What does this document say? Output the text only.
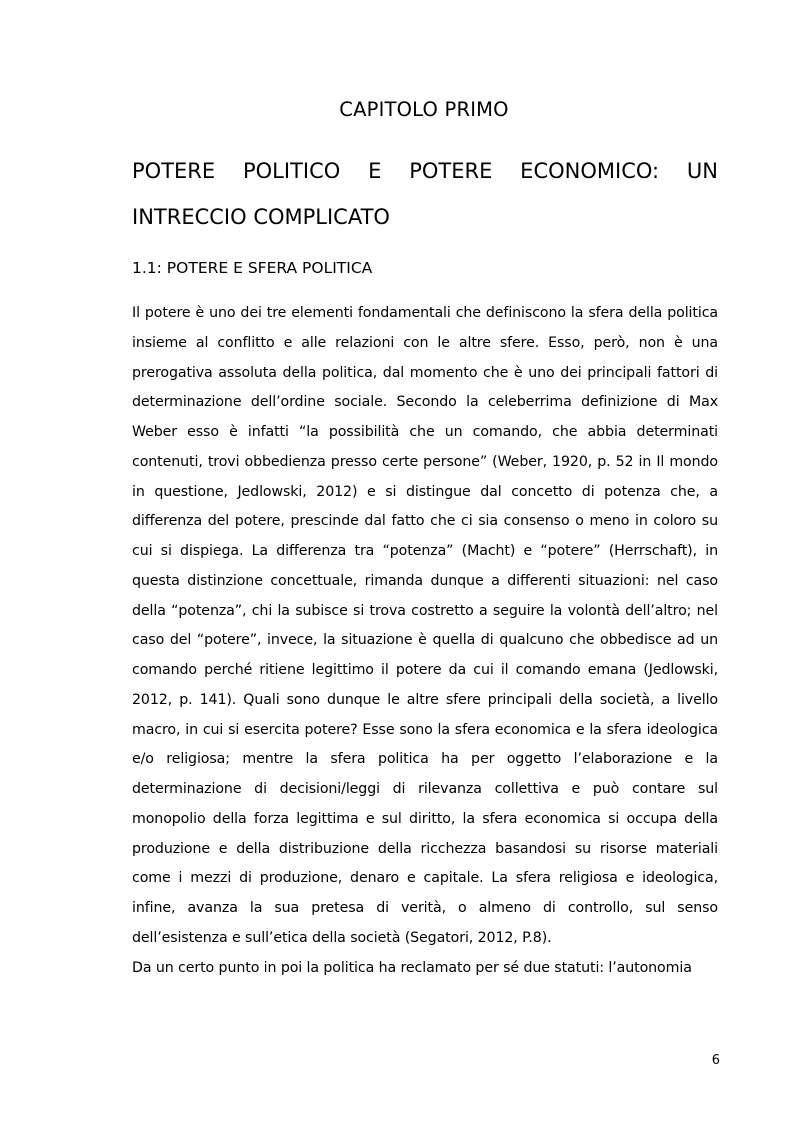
CAPITOLO PRIMO
POTERE POLITICO E POTERE ECONOMICO: UN INTRECCIO COMPLICATO
1.1: POTERE E SFERA POLITICA

Il potere è uno dei tre elementi fondamentali che definiscono la sfera della politica insieme al conflitto e alle relazioni con le altre sfere. Esso, però, non è una prerogativa assoluta della politica, dal momento che è uno dei principali fattori di determinazione dell’ordine sociale. Secondo la celeberrima definizione di Max Weber esso è infatti “la possibilità che un comando, che abbia determinati contenuti, trovi obbedienza presso certe persone” (Weber, 1920, p. 52 in Il mondo in questione, Jedlowski, 2012) e si distingue dal concetto di potenza che, a differenza del potere, prescinde dal fatto che ci sia consenso o meno in coloro su cui si dispiega. La differenza tra “potenza” (Macht) e “potere” (Herrschaft), in questa distinzione concettuale, rimanda dunque a differenti situazioni: nel caso della “potenza”, chi la subisce si trova costretto a seguire la volontà dell’altro; nel caso del “potere”, invece, la situazione è quella di qualcuno che obbedisce ad un comando perché ritiene legittimo il potere da cui il comando emana (Jedlowski, 2012, p. 141). Quali sono dunque le altre sfere principali della società, a livello macro, in cui si esercita potere? Esse sono la sfera economica e la sfera ideologica e/o religiosa; mentre la sfera politica ha per oggetto l’elaborazione e la determinazione di decisioni/leggi di rilevanza collettiva e può contare sul monopolio della forza legittima e sul diritto, la sfera economica si occupa della produzione e della distribuzione della ricchezza basandosi su risorse materiali come i mezzi di produzione, denaro e capitale. La sfera religiosa e ideologica, infine, avanza la sua pretesa di verità, o almeno di controllo, sul senso dell’esistenza e sull’etica della società (Segatori, 2012, P.8).

Da un certo punto in poi la politica ha reclamato per sé due statuti: l’autonomia

6
